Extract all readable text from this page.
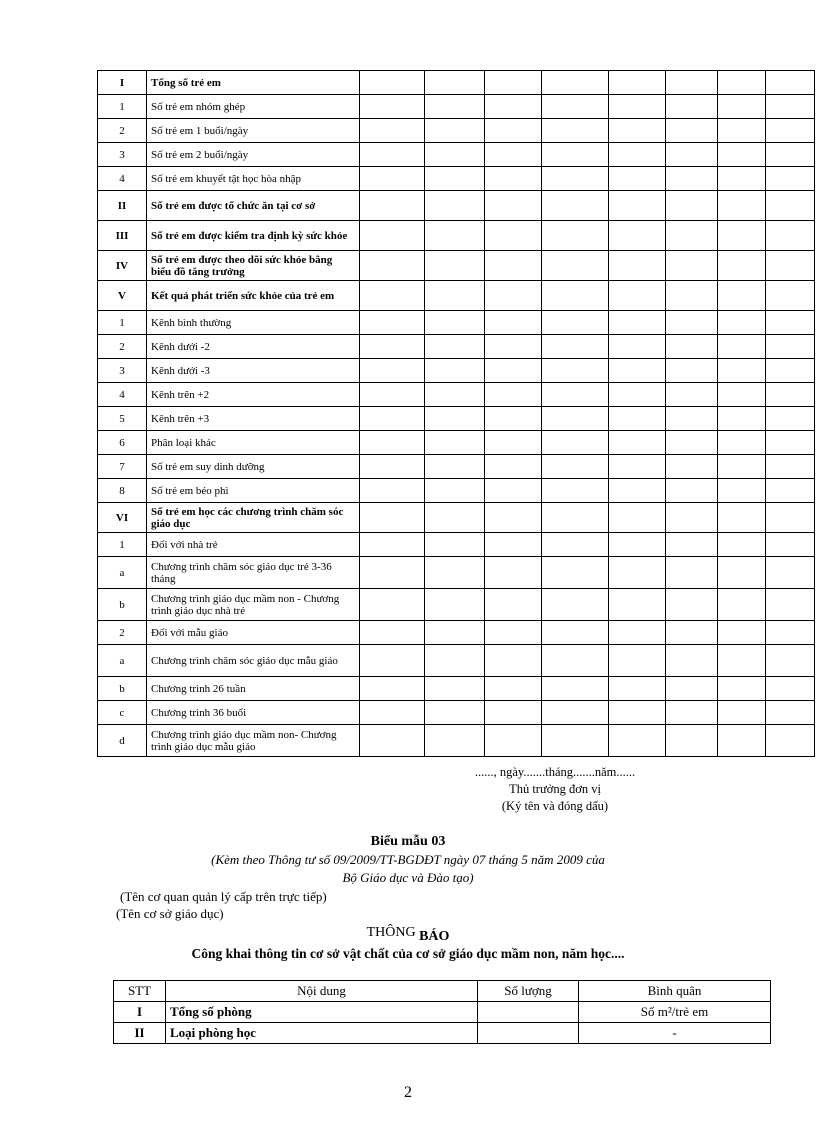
I	Tổng số trẻ em								
1	Số trẻ em nhóm ghép								
2	Số trẻ em 1 buổi/ngày								
3	Số trẻ em 2 buổi/ngày								
4	Số trẻ em khuyết tật học hòa nhập								
II	Số trẻ em được tổ chức ăn tại cơ sở								
III	Số trẻ em được kiểm tra định kỳ sức khỏe								
IV	Số trẻ em được theo dõi sức khỏe bằng biểu đồ tăng trưởng								
V	Kết quả phát triển sức khỏe của trẻ em								
1	Kênh bình thường								
2	Kênh dưới -2								
3	Kênh dưới -3								
4	Kênh trên +2								
5	Kênh trên +3								
6	Phân loại khác								
7	Số trẻ em suy dinh dưỡng								
8	Số trẻ em béo phì								
VI	Số trẻ em học các chương trình chăm sóc giáo dục								
1	Đối với nhà trẻ								
a	Chương trình chăm sóc giáo dục trẻ 3-36 tháng								
b	Chương trình giáo dục mầm non - Chương trình giáo dục nhà trẻ								
2	Đối với mẫu giáo								
a	Chương trình chăm sóc giáo dục mẫu giáo								
b	Chương trình 26 tuần								
c	Chương trình 36 buổi								
d	Chương trình giáo dục mầm non- Chương trình giáo dục mẫu giáo								
......, ngày.......tháng.......năm......
Thủ trưởng đơn vị
(Ký tên và đóng dấu)
Biểu mẫu 03
(Kèm theo Thông tư số 09/2009/TT-BGDĐT ngày 07 tháng 5 năm 2009 của
Bộ Giáo dục và Đào tạo)
(Tên cơ quan quản lý cấp trên trực tiếp)
(Tên cơ sở giáo dục)
THÔNG BÁO
Công khai thông tin cơ sở vật chất của cơ sở giáo dục mầm non, năm học....
STT	Nội dung	Số lượng	Bình quân
I	Tổng số phòng		Số m²/trẻ em
II	Loại phòng học		-
2
